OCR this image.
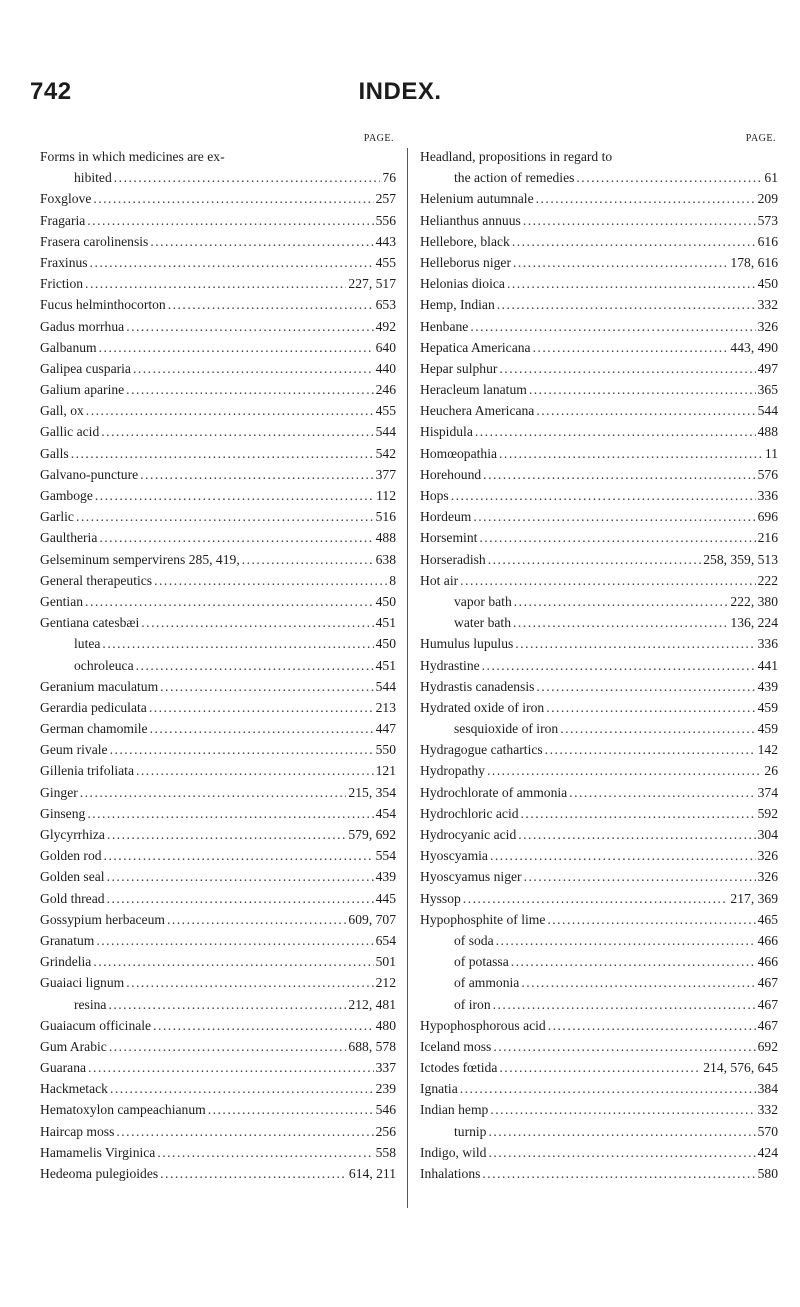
742	INDEX.
PAGE.
Forms in which medicines are ex-
hibited .....	76
Foxglove .....	257
Fragaria .....	556
Frasera carolinensis .....	443
Fraxinus .....	455
Friction .....	227, 517
Fucus helminthocorton .....	653
Gadus morrhua .....	492
Galbanum .....	640
Galipea cusparia .....	440
Galium aparine .....	246
Gall, ox .....	455
Gallic acid .....	544
Galls .....	542
Galvano-puncture .....	377
Gamboge .....	112
Garlic .....	516
Gaultheria .....	488
Gelseminum sempervirens 285, 419, .....	638
General therapeutics .....	8
Gentian .....	450
Gentiana catesbæi .....	451
lutea .....	450
ochroleuca .....	451
Geranium maculatum .....	544
Gerardia pediculata .....	213
German chamomile .....	447
Geum rivale .....	550
Gillenia trifoliata .....	121
Ginger .....	215, 354
Ginseng .....	454
Glycyrrhiza .....	579, 692
Golden rod .....	554
Golden seal .....	439
Gold thread .....	445
Gossypium herbaceum .....	609, 707
Granatum .....	654
Grindelia .....	501
Guaiaci lignum .....	212
resina .....	212, 481
Guaiacum officinale .....	480
Gum Arabic .....	688, 578
Guarana .....	337
Hackmetack .....	239
Hematoxylon campeachianum .....	546
Haircap moss .....	256
Hamamelis Virginica .....	558
Hedeoma pulegioides .....	614, 211
PAGE.
Headland, propositions in regard to
the action of remedies .....	61
Helenium autumnale .....	209
Helianthus annuus .....	573
Hellebore, black .....	616
Helleborus niger .....	178, 616
Helonias dioica .....	450
Hemp, Indian .....	332
Henbane .....	326
Hepatica Americana .....	443, 490
Hepar sulphur .....	497
Heracleum lanatum .....	365
Heuchera Americana .....	544
Hispidula .....	488
Homœopathia .....	11
Horehound .....	576
Hops .....	336
Hordeum .....	696
Horsemint .....	216
Horseradish .....	258, 359, 513
Hot air .....	222
vapor bath .....	222, 380
water bath .....	136, 224
Humulus lupulus .....	336
Hydrastine .....	441
Hydrastis canadensis .....	439
Hydrated oxide of iron .....	459
sesquioxide of iron .....	459
Hydragogue cathartics .....	142
Hydropathy .....	26
Hydrochlorate of ammonia .....	374
Hydrochloric acid .....	592
Hydrocyanic acid .....	304
Hyoscyamia .....	326
Hyoscyamus niger .....	326
Hyssop .....	217, 369
Hypophosphite of lime .....	465
of soda .....	466
of potassa .....	466
of ammonia .....	467
of iron .....	467
Hypophosphorous acid .....	467
Iceland moss .....	692
Ictodes fœtida .....	214, 576, 645
Ignatia .....	384
Indian hemp .....	332
turnip .....	570
Indigo, wild .....	424
Inhalations .....	580
